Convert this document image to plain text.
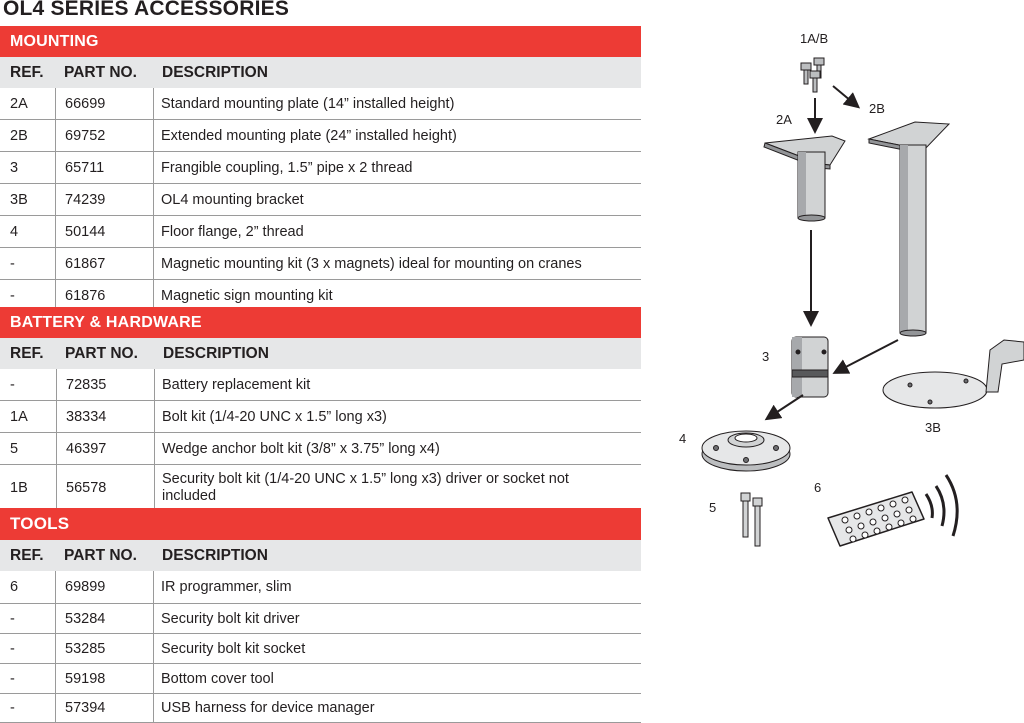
OL4 SERIES ACCESSORIES
MOUNTING
REF. PART NO. DESCRIPTION
2A	66699	Standard mounting plate (14” installed height)
2B	69752	Extended mounting plate (24” installed height)
3	65711	Frangible coupling, 1.5” pipe x 2 thread
3B	74239	OL4 mounting bracket
4	50144	Floor flange, 2” thread
-	61867	Magnetic mounting kit (3 x magnets) ideal for mounting on cranes
-	61876	Magnetic sign mounting kit
BATTERY & HARDWARE
REF. PART NO. DESCRIPTION
-	72835	Battery replacement kit
1A	38334	Bolt kit (1/4-20 UNC x 1.5” long x3)
5	46397	Wedge anchor bolt kit (3/8” x 3.75” long x4)
1B	56578
Security bolt kit (1/4-20 UNC x 1.5” long x3) driver or socket not included
TOOLS
REF. PART NO. DESCRIPTION
6	69899	IR programmer, slim
-	53284	Security bolt kit driver
-	53285	Security bolt kit socket
-	59198	Bottom cover tool
-	57394	USB harness for device manager
1A/B
2A
2B
3
3B
4
5
6
